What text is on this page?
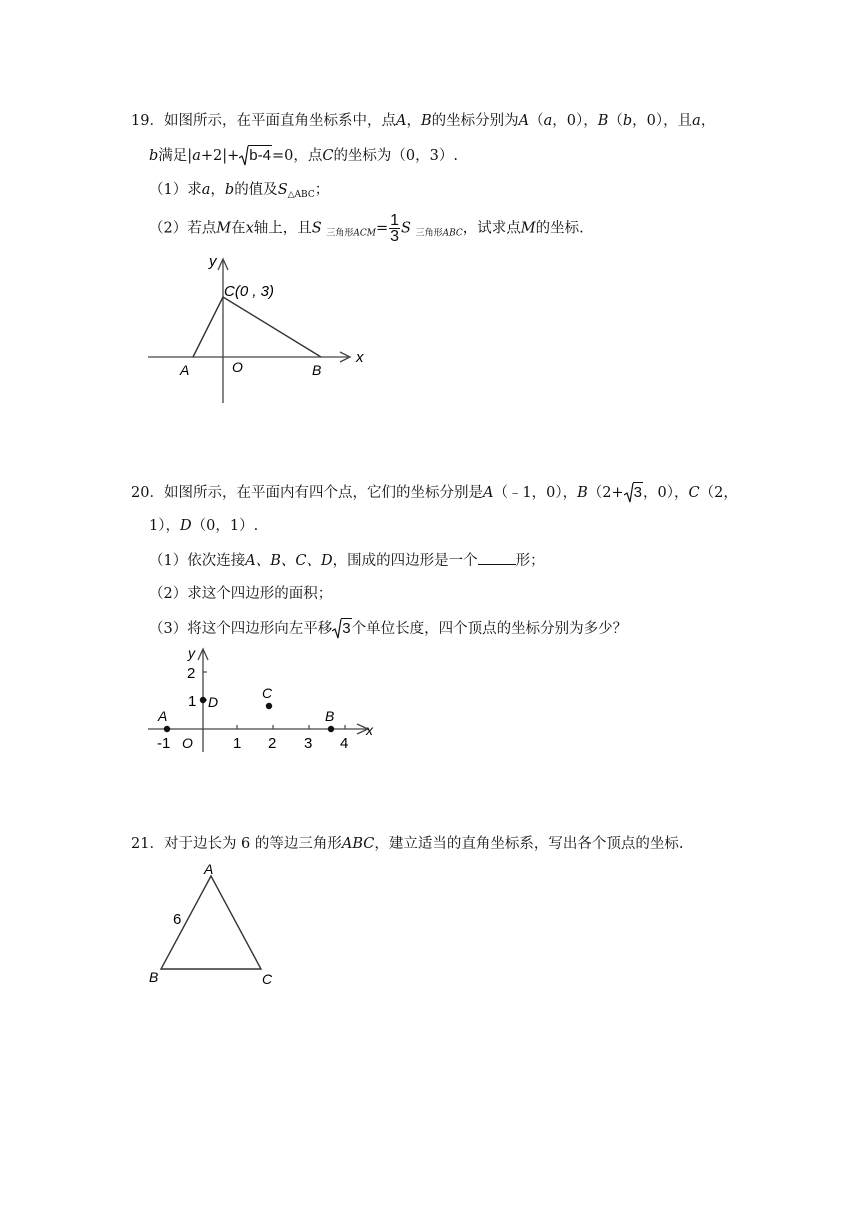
19．如图所示，在平面直角坐标系中，点A，B的坐标分别为A（a，0），B（b，0），且a，
b满足|a+2|+ b-4=0，点C的坐标为（0，3）.
（1）求a，b的值及$S_{\triangle ABC}$；
（2）若点M在x轴上，且S $_{三角形ACM}= \frac{1}{3}$ S $_{三角形ABC}$，试求点M的坐标.
y
x
C(0 , 3)
A	O	B
20．如图所示，在平面内有四个点，它们的坐标分别是A（﹣1，0），B（2+ 3，0），C（2，
1），D（0，1）.
（1）依次连接A、B、C、D，围成的四边形是一个	形；
（2）求这个四边形的面积；
（3）将这个四边形向左平移 3个单位长度，四个顶点的坐标分别为多少？
y
x
2
1 D
C
A	B
-1 O	1 2 3 4
21．对于边长为 6 的等边三角形ABC，建立适当的直角坐标系，写出各个顶点的坐标.
A
B	C
6
